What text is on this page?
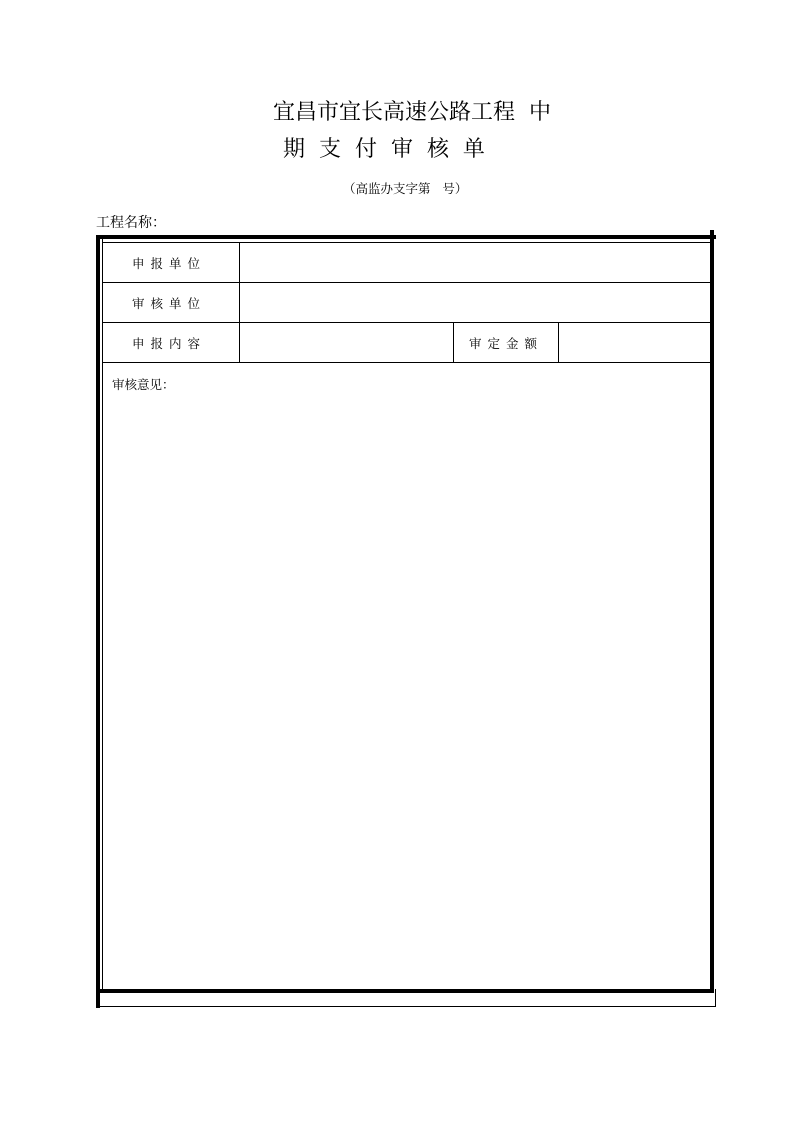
宜昌市宜长高速公路工程  中
期  支  付  审  核  单
（高监办支字第   号）
工程名称：
申报单位
审核单位
申报内容	审定金额
审核意见：
